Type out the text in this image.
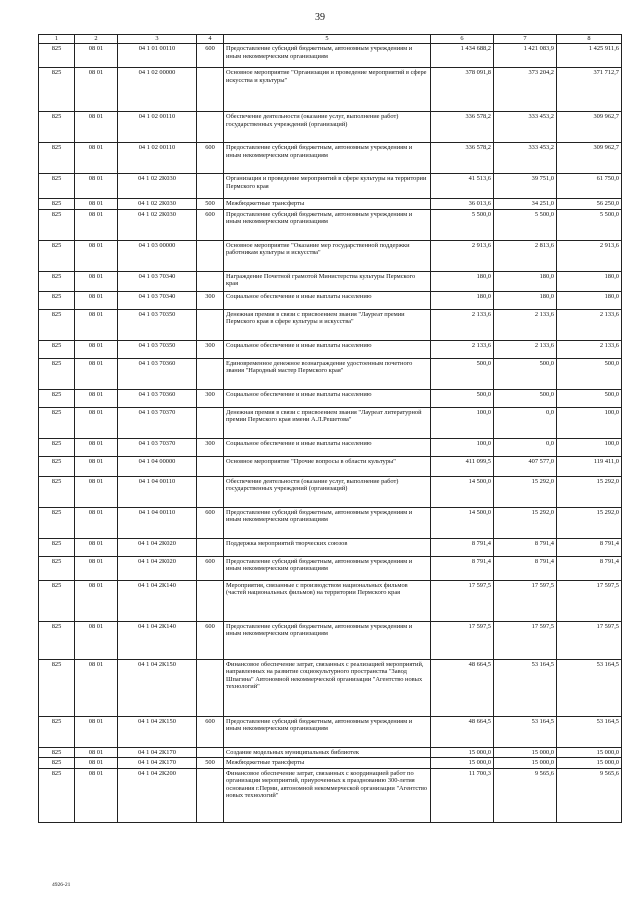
39
1	2	3	4	5	6	7	8
825	08 01	04 1 01 00110	600	Предоставление субсидий бюджетным, автономным учреждениям и иным некоммерческим организациям	1 434 688,2	1 421 083,9	1 425 911,6
825	08 01	04 1 02 00000		Основное мероприятие "Организация и проведение мероприятий в сфере искусства и культуры"	378 091,8	373 204,2	371 712,7
825	08 01	04 1 02 00110		Обеспечение деятельности (оказание услуг, выполнение работ) государственных учреждений (организаций)	336 578,2	333 453,2	309 962,7
825	08 01	04 1 02 00110	600	Предоставление субсидий бюджетным, автономным учреждениям и иным некоммерческим организациям	336 578,2	333 453,2	309 962,7
825	08 01	04 1 02 2К030		Организация и проведение мероприятий в сфере культуры на территории Пермского края	41 513,6	39 751,0	61 750,0
825	08 01	04 1 02 2К030	500	Межбюджетные трансферты	36 013,6	34 251,0	56 250,0
825	08 01	04 1 02 2К030	600	Предоставление субсидий бюджетным, автономным учреждениям и иным некоммерческим организациям	5 500,0	5 500,0	5 500,0
825	08 01	04 1 03 00000		Основное мероприятие "Оказание мер государственной поддержки работникам культуры и искусства"	2 913,6	2 813,6	2 913,6
825	08 01	04 1 03 70340		Награждение Почетной грамотой Министерства культуры Пермского края	180,0	180,0	180,0
825	08 01	04 1 03 70340	300	Социальное обеспечение и иные выплаты населению	180,0	180,0	180,0
825	08 01	04 1 03 70350		Денежная премия в связи с присвоением звания "Лауреат премии Пермского края в сфере культуры и искусства"	2 133,6	2 133,6	2 133,6
825	08 01	04 1 03 70350	300	Социальное обеспечение и иные выплаты населению	2 133,6	2 133,6	2 133,6
825	08 01	04 1 03 70360		Единовременное денежное вознаграждение удостоенным почетного звания "Народный мастер Пермского края"	500,0	500,0	500,0
825	08 01	04 1 03 70360	300	Социальное обеспечение и иные выплаты населению	500,0	500,0	500,0
825	08 01	04 1 03 70370		Денежная премия в связи с присвоением звания "Лауреат литературной премии Пермского края имени А.Л.Решетова"	100,0	0,0	100,0
825	08 01	04 1 03 70370	300	Социальное обеспечение и иные выплаты населению	100,0	0,0	100,0
825	08 01	04 1 04 00000		Основное мероприятие "Прочие вопросы в области культуры"	411 099,5	407 577,0	119 411,0
825	08 01	04 1 04 00110		Обеспечение деятельности (оказание услуг, выполнение работ) государственных учреждений (организаций)	14 500,0	15 292,0	15 292,0
825	08 01	04 1 04 00110	600	Предоставление субсидий бюджетным, автономным учреждениям и иным некоммерческим организациям	14 500,0	15 292,0	15 292,0
825	08 01	04 1 04 2К020		Поддержка мероприятий творческих союзов	8 791,4	8 791,4	8 791,4
825	08 01	04 1 04 2К020	600	Предоставление субсидий бюджетным, автономным учреждениям и иным некоммерческим организациям	8 791,4	8 791,4	8 791,4
825	08 01	04 1 04 2К140		Мероприятия, связанные с производством национальных фильмов (частей национальных фильмов) на территории Пермского края	17 597,5	17 597,5	17 597,5
825	08 01	04 1 04 2К140	600	Предоставление субсидий бюджетным, автономным учреждениям и иным некоммерческим организациям	17 597,5	17 597,5	17 597,5
825	08 01	04 1 04 2К150		Финансовое обеспечение затрат, связанных с реализацией мероприятий, направленных на развитие социокультурного пространства "Завод Шпагина" Автономной некоммерческой организации "Агентство новых технологий"	48 664,5	53 164,5	53 164,5
825	08 01	04 1 04 2К150	600	Предоставление субсидий бюджетным, автономным учреждениям и иным некоммерческим организациям	48 664,5	53 164,5	53 164,5
825	08 01	04 1 04 2К170		Создание модельных муниципальных библиотек	15 000,0	15 000,0	15 000,0
825	08 01	04 1 04 2К170	500	Межбюджетные трансферты	15 000,0	15 000,0	15 000,0
825	08 01	04 1 04 2К200		Финансовое обеспечение затрат, связанных с координацией работ по организации мероприятий, приуроченных к празднованию 300-летия основания г.Перми, автономной некоммерческой организации "Агентство новых технологий"	11 700,3	9 565,6	9 565,6
4926-21
